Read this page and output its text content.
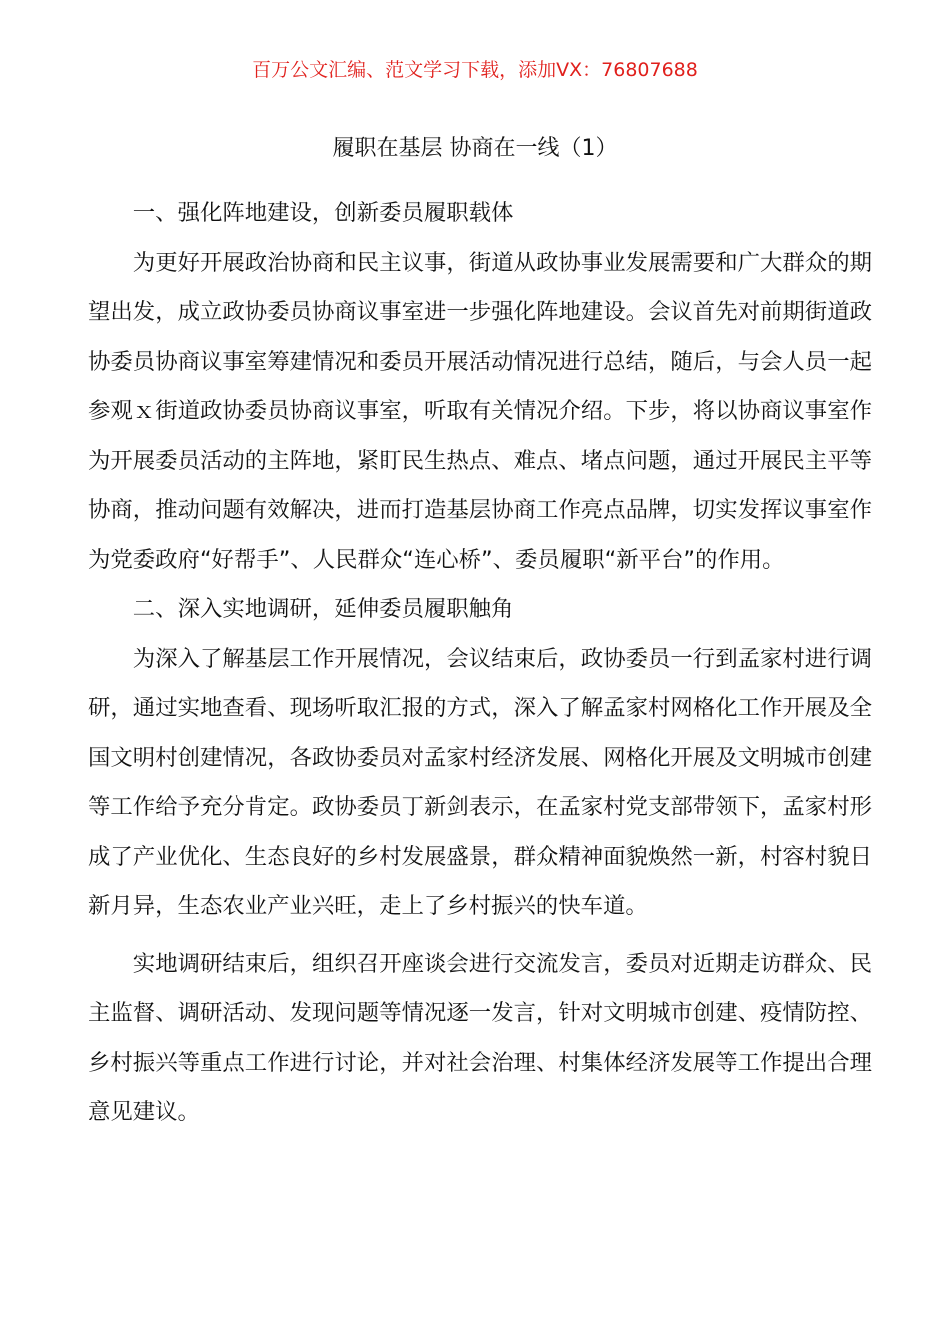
百万公文汇编、范文学习下载，添加VX：76807688
履职在基层 协商在一线（1）

一、强化阵地建设，创新委员履职载体

为更好开展政治协商和民主议事，街道从政协事业发展需要和广大群众的期望出发，成立政协委员协商议事室进一步强化阵地建设。会议首先对前期街道政协委员协商议事室筹建情况和委员开展活动情况进行总结，随后，与会人员一起参观ｘ街道政协委员协商议事室，听取有关情况介绍。下步，将以协商议事室作为开展委员活动的主阵地，紧盯民生热点、难点、堵点问题，通过开展民主平等协商，推动问题有效解决，进而打造基层协商工作亮点品牌，切实发挥议事室作为党委政府“好帮手”、人民群众“连心桥”、委员履职“新平台”的作用。

二、深入实地调研，延伸委员履职触角

为深入了解基层工作开展情况，会议结束后，政协委员一行到孟家村进行调研，通过实地查看、现场听取汇报的方式，深入了解孟家村网格化工作开展及全国文明村创建情况，各政协委员对孟家村经济发展、网格化开展及文明城市创建等工作给予充分肯定。政协委员丁新剑表示，在孟家村党支部带领下，孟家村形成了产业优化、生态良好的乡村发展盛景，群众精神面貌焕然一新，村容村貌日新月异，生态农业产业兴旺，走上了乡村振兴的快车道。

实地调研结束后，组织召开座谈会进行交流发言，委员对近期走访群众、民主监督、调研活动、发现问题等情况逐一发言，针对文明城市创建、疫情防控、乡村振兴等重点工作进行讨论，并对社会治理、村集体经济发展等工作提出合理意见建议。
